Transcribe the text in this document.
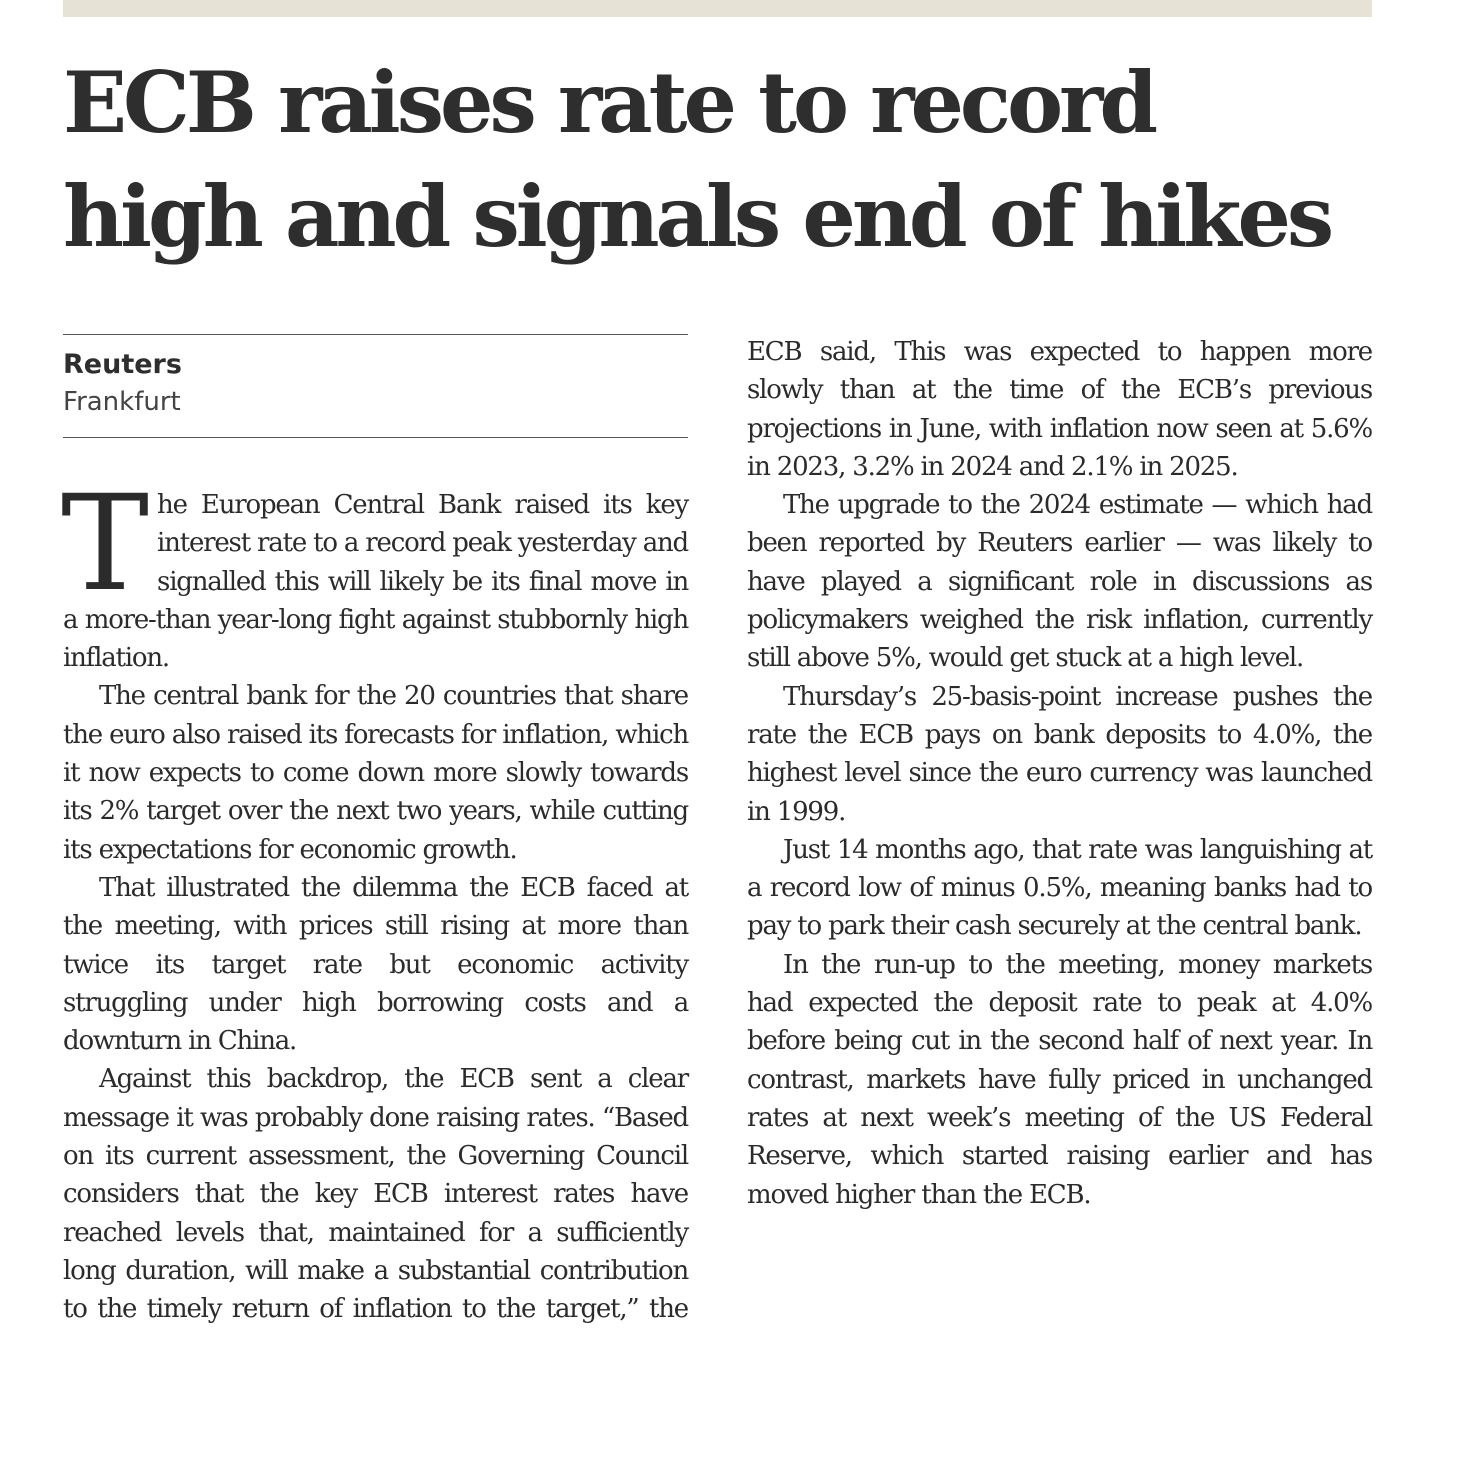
ECB raises rate to record
high and signals end of hikes
Reuters
Frankfurt

The European Central Bank raised its key interest rate to a record peak yesterday and signalled this will likely be its final move in a more-than year-long fight against stubbornly high inflation.

The central bank for the 20 countries that share the euro also raised its forecasts for inflation, which it now expects to come down more slowly towards its 2% target over the next two years, while cutting its expectations for economic growth.

That illustrated the dilemma the ECB faced at the meeting, with prices still rising at more than twice its target rate but economic activity struggling under high borrowing costs and a downturn in China.

Against this backdrop, the ECB sent a clear message it was probably done raising rates. “Based on its current assessment, the Governing Council considers that the key ECB interest rates have reached levels that, maintained for a sufficiently long duration, will make a substantial contribution to the timely return of inflation to the target,” the

ECB said, This was expected to happen more slowly than at the time of the ECB’s previous projections in June, with inflation now seen at 5.6% in 2023, 3.2% in 2024 and 2.1% in 2025.

The upgrade to the 2024 estimate — which had been reported by Reuters earlier — was likely to have played a significant role in discussions as policymakers weighed the risk inflation, currently still above 5%, would get stuck at a high level.

Thursday’s 25-basis-point increase pushes the rate the ECB pays on bank deposits to 4.0%, the highest level since the euro currency was launched in 1999.

Just 14 months ago, that rate was languishing at a record low of minus 0.5%, meaning banks had to pay to park their cash securely at the central bank.

In the run-up to the meeting, money markets had expected the deposit rate to peak at 4.0% before being cut in the second half of next year. In contrast, markets have fully priced in unchanged rates at next week’s meeting of the US Federal Reserve, which started raising earlier and has moved higher than the ECB.
